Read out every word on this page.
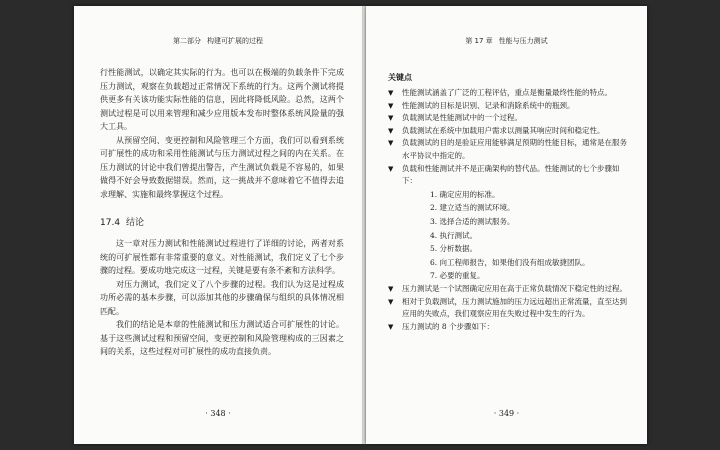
第二部分 构建可扩展的过程

行性能测试，以确定其实际的行为。也可以在极端的负载条件下完成压力测试，观察在负载超过正常情况下系统的行为。这两个测试将提供更多有关该功能实际性能的信息，因此将降低风险。总然，这两个测试过程是可以用来管理和减少应用版本发布时整体系统风险量的强大工具。

从预留空间、变更控制和风险管理三个方面，我们可以看到系统可扩展性的成功和采用性能测试与压力测试过程之间的内在关系。在压力测试的讨论中我们曾提出警告，产生测试负载是不容易的，如果做得不好会导致数据错误。然而，这一挑战并不意味着它不值得去追求理解、实施和最终掌握这个过程。

17.4 结论

这一章对压力测试和性能测试过程进行了详细的讨论，两者对系统的可扩展性都有非常重要的意义。对性能测试，我们定义了七个步骤的过程。要成功地完成这一过程，关键是要有条不紊和方法科学。

对压力测试，我们定义了八个步骤的过程。我们认为这是过程成功所必需的基本步骤，可以添加其他的步骤确保与组织的具体情况相匹配。

我们的结论是本章的性能测试和压力测试适合可扩展性的讨论。基于这些测试过程和预留空间，变更控制和风险管理构成的三因素之间的关系，这些过程对可扩展性的成功直接负责。

· 348 ·
第 17 章 性能与压力测试
关键点
▼ 性能测试涵盖了广泛的工程评估，重点是衡量最终性能的特点。
▼ 性能测试的目标是识别、记录和消除系统中的瓶颈。
▼ 负载测试是性能测试中的一个过程。
▼ 负载测试在系统中加载用户需求以测量其响应时间和稳定性。
▼ 负载测试的目的是验证应用能够满足预期的性能目标，通常是在服务水平协议中指定的。
▼ 负载和性能测试并不是正确架构的替代品。性能测试的七个步骤如下：
1. 确定应用的标准。
2. 建立适当的测试环境。
3. 选择合适的测试服务。
4. 执行测试。
5. 分析数据。
6. 向工程师报告，如果他们没有组成敏捷团队。
7. 必要的重复。
▼ 压力测试是一个试图确定应用在高于正常负载情况下稳定性的过程。
▼ 相对于负载测试，压力测试施加的压力远远超出正常流量，直至达到应用的失败点，我们观察应用在失败过程中发生的行为。
▼ 压力测试的 8 个步骤如下：
· 349 ·
